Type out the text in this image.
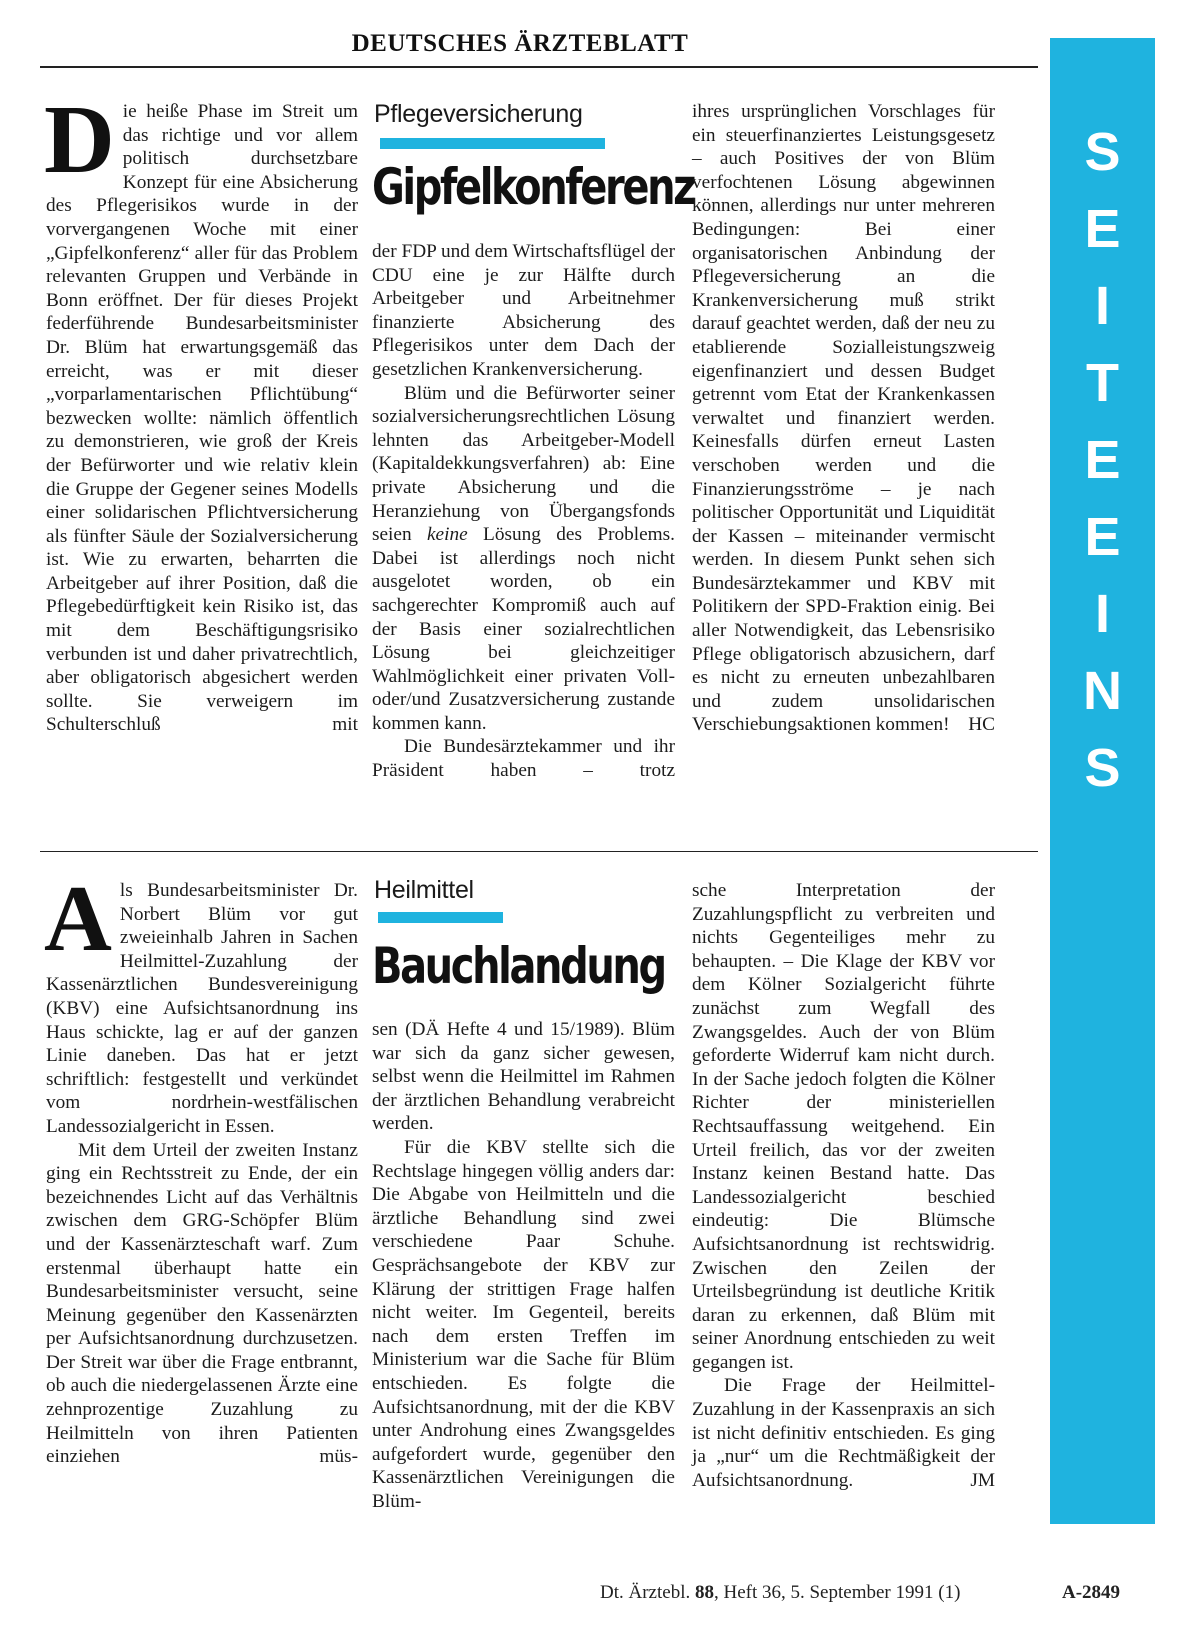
DEUTSCHES ÄRZTEBLATT
S
E
I
T
E
E
I
N
S

Die heiße Phase im Streit um das richtige und vor allem politisch durchsetzbare Konzept für eine Absicherung des Pflegerisikos wurde in der vorvergangenen Woche mit einer „Gipfelkonferenz“ aller für das Problem relevanten Gruppen und Verbände in Bonn eröffnet. Der für dieses Projekt federführende Bundesarbeitsminister Dr. Blüm hat erwartungsgemäß das erreicht, was er mit dieser „vorparlamentarischen Pflichtübung“ bezwecken wollte: nämlich öffentlich zu demonstrieren, wie groß der Kreis der Befürworter und wie relativ klein die Gruppe der Gegener seines Modells einer solidarischen Pflichtversicherung als fünfter Säule der Sozialversicherung ist. Wie zu erwarten, beharrten die Arbeitgeber auf ihrer Position, daß die Pflegebedürftigkeit kein Risiko ist, das mit dem Beschäftigungsrisiko verbunden ist und daher privatrechtlich, aber obligatorisch abgesichert werden sollte. Sie verweigern im Schulterschluß mit

Pflegeversicherung
Gipfelkonferenz

der FDP und dem Wirtschaftsflügel der CDU eine je zur Hälfte durch Arbeitgeber und Arbeitnehmer finanzierte Absicherung des Pflegerisikos unter dem Dach der gesetzlichen Krankenversicherung.

Blüm und die Befürworter seiner sozialversicherungsrechtlichen Lösung lehnten das Arbeitgeber-Modell (Kapitaldekkungsverfahren) ab: Eine private Absicherung und die Heranziehung von Übergangsfonds seien keine Lösung des Problems. Dabei ist allerdings noch nicht ausgelotet worden, ob ein sachgerechter Kompromiß auch auf der Basis einer sozialrechtlichen Lösung bei gleichzeitiger Wahlmöglichkeit einer privaten Voll- oder/und Zusatzversicherung zustande kommen kann.

Die Bundesärztekammer und ihr Präsident haben – trotz

ihres ursprünglichen Vorschlages für ein steuerfinanziertes Leistungsgesetz – auch Positives der von Blüm verfochtenen Lösung abgewinnen können, allerdings nur unter mehreren Bedingungen: Bei einer organisatorischen Anbindung der Pflegeversicherung an die Krankenversicherung muß strikt darauf geachtet werden, daß der neu zu etablierende Sozialleistungszweig eigenfinanziert und dessen Budget getrennt vom Etat der Krankenkassen verwaltet und finanziert werden. Keinesfalls dürfen erneut Lasten verschoben werden und die Finanzierungsströme – je nach politischer Opportunität und Liquidität der Kassen – miteinander vermischt werden. In diesem Punkt sehen sich Bundesärztekammer und KBV mit Politikern der SPD-Fraktion einig. Bei aller Notwendigkeit, das Lebensrisiko Pflege obligatorisch abzusichern, darf es nicht zu erneuten unbezahlbaren und zudem unsolidarischen Verschiebungsaktionen kommen! HC

Als Bundesarbeitsminister Dr. Norbert Blüm vor gut zweieinhalb Jahren in Sachen Heilmittel-Zuzahlung der Kassenärztlichen Bundesvereinigung (KBV) eine Aufsichtsanordnung ins Haus schickte, lag er auf der ganzen Linie daneben. Das hat er jetzt schriftlich: festgestellt und verkündet vom nordrhein-westfälischen Landessozialgericht in Essen.

Mit dem Urteil der zweiten Instanz ging ein Rechtsstreit zu Ende, der ein bezeichnendes Licht auf das Verhältnis zwischen dem GRG-Schöpfer Blüm und der Kassenärzteschaft warf. Zum erstenmal überhaupt hatte ein Bundesarbeitsminister versucht, seine Meinung gegenüber den Kassenärzten per Aufsichtsanordnung durchzusetzen. Der Streit war über die Frage entbrannt, ob auch die niedergelassenen Ärzte eine zehnprozentige Zuzahlung zu Heilmitteln von ihren Patienten einziehen müs-

Heilmittel
Bauchlandung

sen (DÄ Hefte 4 und 15/1989). Blüm war sich da ganz sicher gewesen, selbst wenn die Heilmittel im Rahmen der ärztlichen Behandlung verabreicht werden.

Für die KBV stellte sich die Rechtslage hingegen völlig anders dar: Die Abgabe von Heilmitteln und die ärztliche Behandlung sind zwei verschiedene Paar Schuhe. Gesprächsangebote der KBV zur Klärung der strittigen Frage halfen nicht weiter. Im Gegenteil, bereits nach dem ersten Treffen im Ministerium war die Sache für Blüm entschieden. Es folgte die Aufsichtsanordnung, mit der die KBV unter Androhung eines Zwangsgeldes aufgefordert wurde, gegenüber den Kassenärztlichen Vereinigungen die Blüm-

sche Interpretation der Zuzahlungspflicht zu verbreiten und nichts Gegenteiliges mehr zu behaupten. – Die Klage der KBV vor dem Kölner Sozialgericht führte zunächst zum Wegfall des Zwangsgeldes. Auch der von Blüm geforderte Widerruf kam nicht durch. In der Sache jedoch folgten die Kölner Richter der ministeriellen Rechtsauffassung weitgehend. Ein Urteil freilich, das vor der zweiten Instanz keinen Bestand hatte. Das Landessozialgericht beschied eindeutig: Die Blümsche Aufsichtsanordnung ist rechtswidrig. Zwischen den Zeilen der Urteilsbegründung ist deutliche Kritik daran zu erkennen, daß Blüm mit seiner Anordnung entschieden zu weit gegangen ist.

Die Frage der Heilmittel-Zuzahlung in der Kassenpraxis an sich ist nicht definitiv entschieden. Es ging ja „nur“ um die Rechtmäßigkeit der Aufsichtsanordnung.	JM

Dt. Ärztebl. 88, Heft 36, 5. September 1991 (1)	A-2849
